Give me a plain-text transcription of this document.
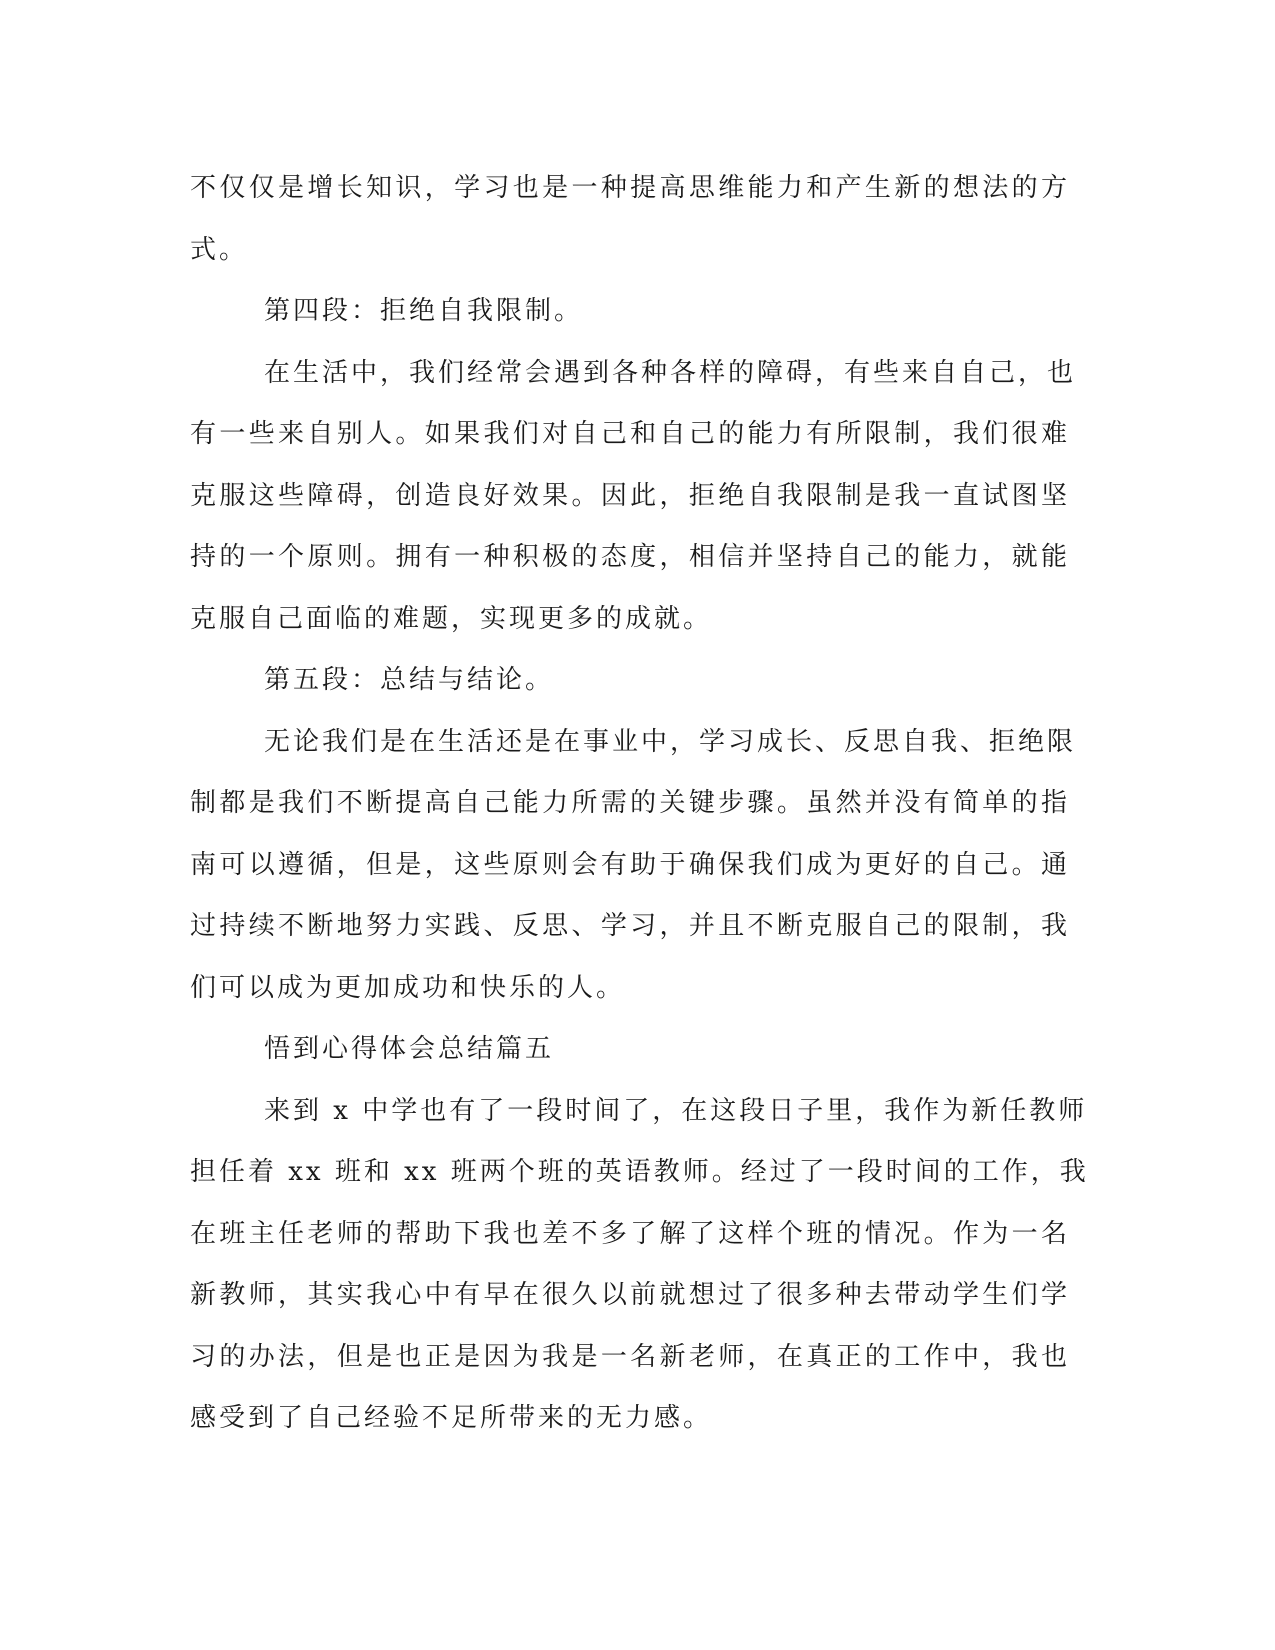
不仅仅是增长知识，学习也是一种提高思维能力和产生新的想法的方
式。
第四段：拒绝自我限制。
在生活中，我们经常会遇到各种各样的障碍，有些来自自己，也
有一些来自别人。如果我们对自己和自己的能力有所限制，我们很难
克服这些障碍，创造良好效果。因此，拒绝自我限制是我一直试图坚
持的一个原则。拥有一种积极的态度，相信并坚持自己的能力，就能
克服自己面临的难题，实现更多的成就。
第五段：总结与结论。
无论我们是在生活还是在事业中，学习成长、反思自我、拒绝限
制都是我们不断提高自己能力所需的关键步骤。虽然并没有简单的指
南可以遵循，但是，这些原则会有助于确保我们成为更好的自己。通
过持续不断地努力实践、反思、学习，并且不断克服自己的限制，我
们可以成为更加成功和快乐的人。
悟到心得体会总结篇五
来到 x 中学也有了一段时间了，在这段日子里，我作为新任教师
担任着 xx 班和 xx 班两个班的英语教师。经过了一段时间的工作，我
在班主任老师的帮助下我也差不多了解了这样个班的情况。作为一名
新教师，其实我心中有早在很久以前就想过了很多种去带动学生们学
习的办法，但是也正是因为我是一名新老师，在真正的工作中，我也
感受到了自己经验不足所带来的无力感。
